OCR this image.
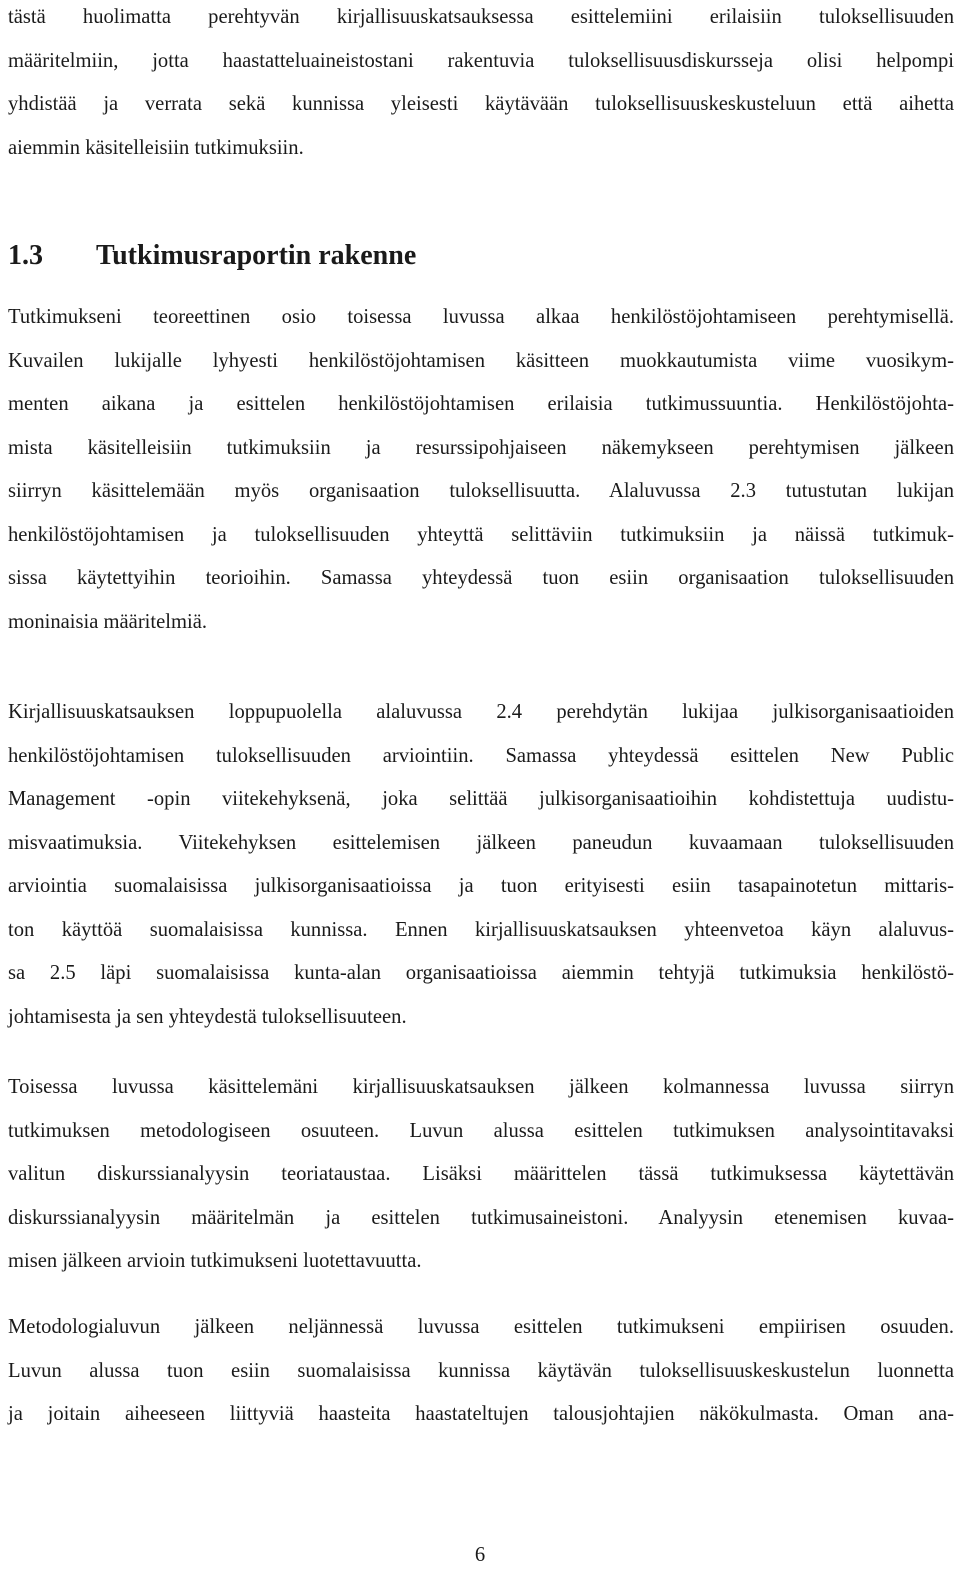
tästä huolimatta perehtyvän kirjallisuuskatsauksessa esittelemiini erilaisiin tuloksellisuuden
määritelmiin, jotta haastatteluaineistostani rakentuvia tuloksellisuusdiskursseja olisi helpompi
yhdistää ja verrata sekä kunnissa yleisesti käytävään tuloksellisuuskeskusteluun että aihetta
aiemmin käsitelleisiin tutkimuksiin.

1.3 Tutkimusraportin rakenne

Tutkimukseni teoreettinen osio toisessa luvussa alkaa henkilöstöjohtamiseen perehtymisellä.
Kuvailen lukijalle lyhyesti henkilöstöjohtamisen käsitteen muokkautumista viime vuosikym-
menten aikana ja esittelen henkilöstöjohtamisen erilaisia tutkimussuuntia. Henkilöstöjohta-
mista käsitelleisiin tutkimuksiin ja resurssipohjaiseen näkemykseen perehtymisen jälkeen
siirryn käsittelemään myös organisaation tuloksellisuutta. Alaluvussa 2.3 tutustutan lukijan
henkilöstöjohtamisen ja tuloksellisuuden yhteyttä selittäviin tutkimuksiin ja näissä tutkimuk-
sissa käytettyihin teorioihin. Samassa yhteydessä tuon esiin organisaation tuloksellisuuden
moninaisia määritelmiä.

Kirjallisuuskatsauksen loppupuolella alaluvussa 2.4 perehdytän lukijaa julkisorganisaatioiden
henkilöstöjohtamisen tuloksellisuuden arviointiin. Samassa yhteydessä esittelen New Public
Management -opin viitekehyksenä, joka selittää julkisorganisaatioihin kohdistettuja uudistu-
misvaatimuksia. Viitekehyksen esittelemisen jälkeen paneudun kuvaamaan tuloksellisuuden
arviointia suomalaisissa julkisorganisaatioissa ja tuon erityisesti esiin tasapainotetun mittaris-
ton käyttöä suomalaisissa kunnissa. Ennen kirjallisuuskatsauksen yhteenvetoa käyn alaluvus-
sa 2.5 läpi suomalaisissa kunta-alan organisaatioissa aiemmin tehtyjä tutkimuksia henkilöstö-
johtamisesta ja sen yhteydestä tuloksellisuuteen.

Toisessa luvussa käsittelemäni kirjallisuuskatsauksen jälkeen kolmannessa luvussa siirryn
tutkimuksen metodologiseen osuuteen. Luvun alussa esittelen tutkimuksen analysointitavaksi
valitun diskurssianalyysin teoriataustaa. Lisäksi määrittelen tässä tutkimuksessa käytettävän
diskurssianalyysin määritelmän ja esittelen tutkimusaineistoni. Analyysin etenemisen kuvaa-
misen jälkeen arvioin tutkimukseni luotettavuutta.

Metodologialuvun jälkeen neljännessä luvussa esittelen tutkimukseni empiirisen osuuden.
Luvun alussa tuon esiin suomalaisissa kunnissa käytävän tuloksellisuuskeskustelun luonnetta
ja joitain aiheeseen liittyviä haasteita haastateltujen talousjohtajien näkökulmasta. Oman ana-

6
